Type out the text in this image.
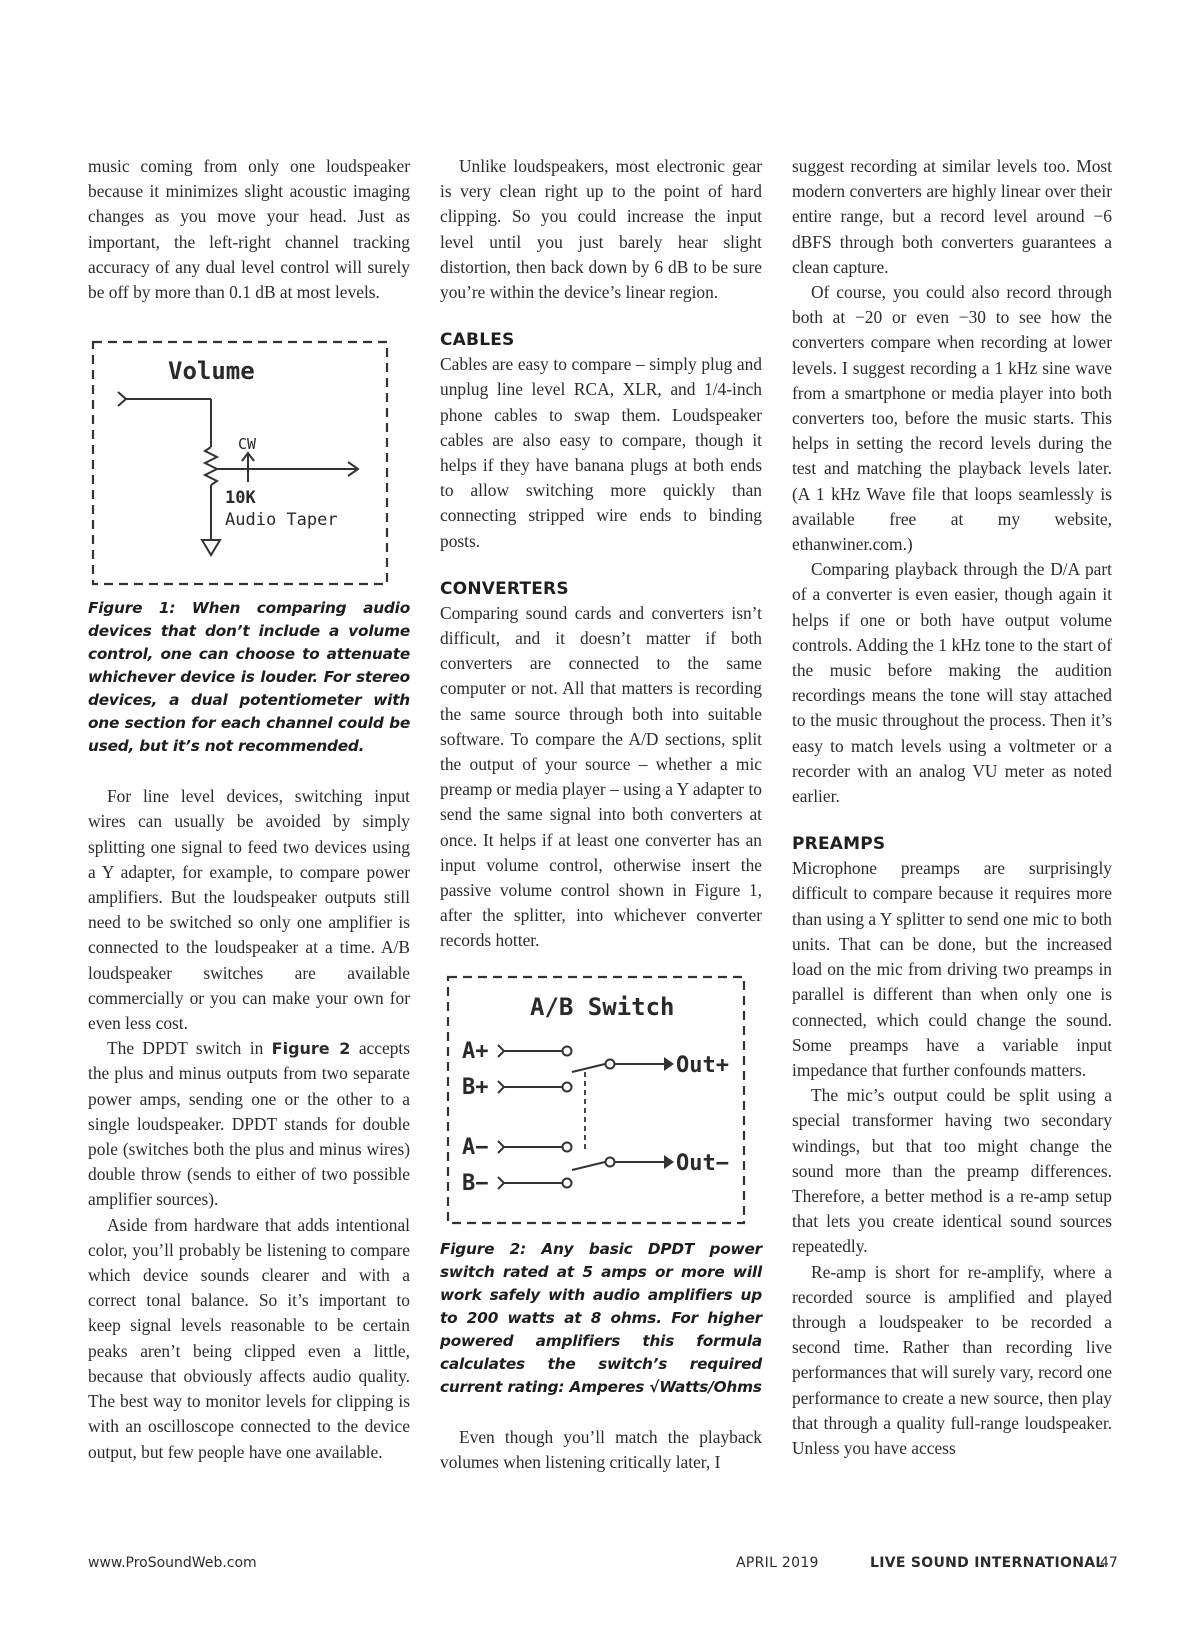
music coming from only one loudspeaker because it minimizes slight acoustic imaging changes as you move your head. Just as important, the left-right channel tracking accuracy of any dual level control will surely be off by more than 0.1 dB at most levels.

Volume
CW
10K
Audio Taper

Figure 1: When comparing audio devices that don’t include a volume control, one can choose to attenuate whichever device is louder. For stereo devices, a dual potentiometer with one section for each channel could be used, but it’s not recommended.

For line level devices, switching input wires can usually be avoided by simply splitting one signal to feed two devices using a Y adapter, for example, to compare power amplifiers. But the loudspeaker outputs still need to be switched so only one amplifier is connected to the loudspeaker at a time. A/B loudspeaker switches are available commercially or you can make your own for even less cost.

The DPDT switch in Figure 2 accepts the plus and minus outputs from two separate power amps, sending one or the other to a single loudspeaker. DPDT stands for double pole (switches both the plus and minus wires) double throw (sends to either of two possible amplifier sources).

Aside from hardware that adds intentional color, you’ll probably be listening to compare which device sounds clearer and with a correct tonal balance. So it’s important to keep signal levels reasonable to be certain peaks aren’t being clipped even a little, because that obviously affects audio quality. The best way to monitor levels for clipping is with an oscilloscope connected to the device output, but few people have one available.

Unlike loudspeakers, most electronic gear is very clean right up to the point of hard clipping. So you could increase the input level until you just barely hear slight distortion, then back down by 6 dB to be sure you’re within the device’s linear region.

CABLES

Cables are easy to compare – simply plug and unplug line level RCA, XLR, and 1/4-inch phone cables to swap them. Loudspeaker cables are also easy to compare, though it helps if they have banana plugs at both ends to allow switching more quickly than connecting stripped wire ends to binding posts.

CONVERTERS

Comparing sound cards and converters isn’t difficult, and it doesn’t matter if both converters are connected to the same computer or not. All that matters is recording the same source through both into suitable software. To compare the A/D sections, split the output of your source – whether a mic preamp or media player – using a Y adapter to send the same signal into both converters at once. It helps if at least one converter has an input volume control, otherwise insert the passive volume control shown in Figure 1, after the splitter, into whichever converter records hotter.

A/B Switch
A+
B+
Out+
A−
B−
Out−

Figure 2: Any basic DPDT power switch rated at 5 amps or more will work safely with audio amplifiers up to 200 watts at 8 ohms. For higher powered amplifiers this formula calculates the switch’s required current rating: Amperes √Watts/Ohms

Even though you’ll match the playback volumes when listening critically later, I

suggest recording at similar levels too. Most modern converters are highly linear over their entire range, but a record level around −6 dBFS through both converters guarantees a clean capture.

Of course, you could also record through both at −20 or even −30 to see how the converters compare when recording at lower levels. I suggest recording a 1 kHz sine wave from a smartphone or media player into both converters too, before the music starts. This helps in setting the record levels during the test and matching the playback levels later. (A 1 kHz Wave file that loops seamlessly is available free at my website, ethanwiner.com.)

Comparing playback through the D/A part of a converter is even easier, though again it helps if one or both have output volume controls. Adding the 1 kHz tone to the start of the music before making the audition recordings means the tone will stay attached to the music throughout the process. Then it’s easy to match levels using a voltmeter or a recorder with an analog VU meter as noted earlier.

PREAMPS

Microphone preamps are surprisingly difficult to compare because it requires more than using a Y splitter to send one mic to both units. That can be done, but the increased load on the mic from driving two preamps in parallel is different than when only one is connected, which could change the sound. Some preamps have a variable input impedance that further confounds matters.

The mic’s output could be split using a special transformer having two secondary windings, but that too might change the sound more than the preamp differences. Therefore, a better method is a re-amp setup that lets you create identical sound sources repeatedly.

Re-amp is short for re-amplify, where a recorded source is amplified and played through a loudspeaker to be recorded a second time. Rather than recording live performances that will surely vary, record one performance to create a new source, then play that through a quality full-range loudspeaker. Unless you have access

www.ProSoundWeb.com	APRIL 2019	LIVE SOUND INTERNATIONAL
47
